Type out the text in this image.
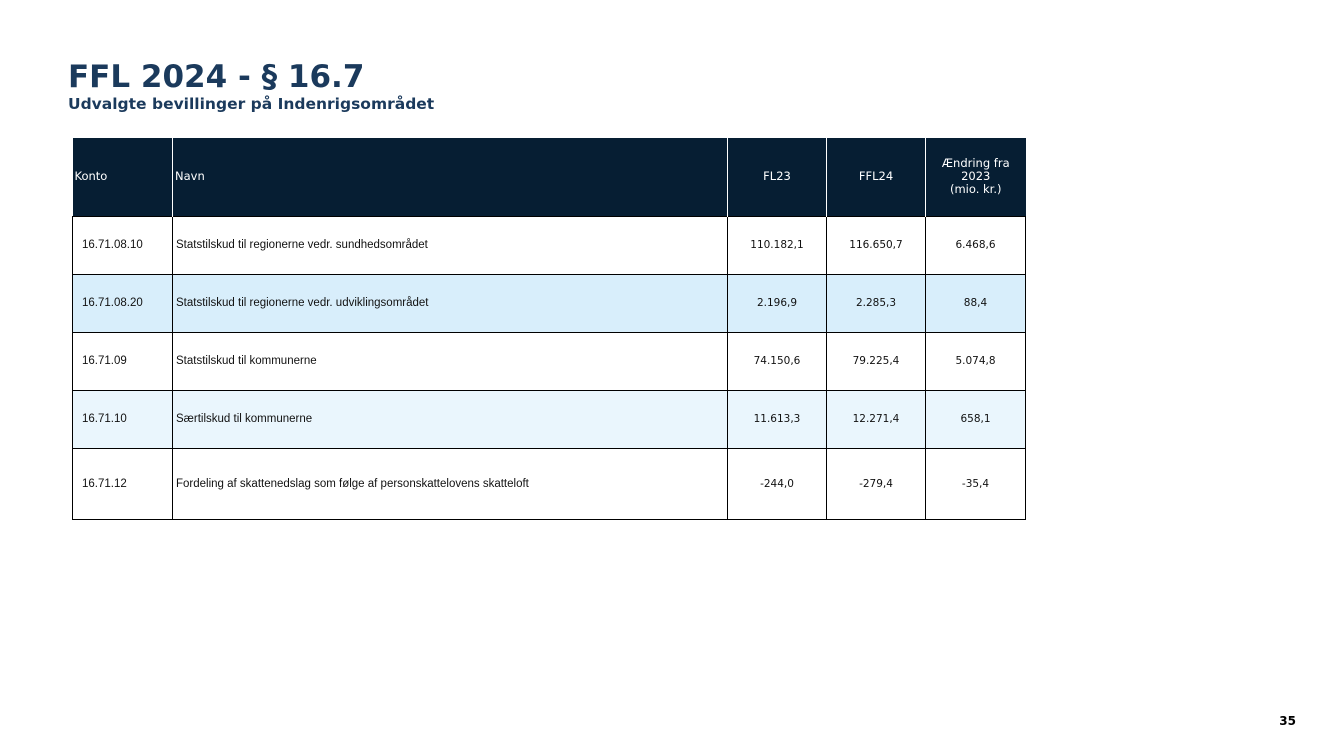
FFL 2024 - § 16.7
Udvalgte bevillinger på Indenrigsområdet
Konto	Navn	FL23	FFL24	Ændring fra 2023
(mio. kr.)
16.71.08.10	Statstilskud til regionerne vedr. sundhedsområdet	110.182,1	116.650,7	6.468,6
16.71.08.20	Statstilskud til regionerne vedr. udviklingsområdet	2.196,9	2.285,3	88,4
16.71.09	Statstilskud til kommunerne	74.150,6	79.225,4	5.074,8
16.71.10	Særtilskud til kommunerne	11.613,3	12.271,4	658,1
16.71.12	Fordeling af skattenedslag som følge af personskattelovens skatteloft	-244,0	-279,4	-35,4
35
